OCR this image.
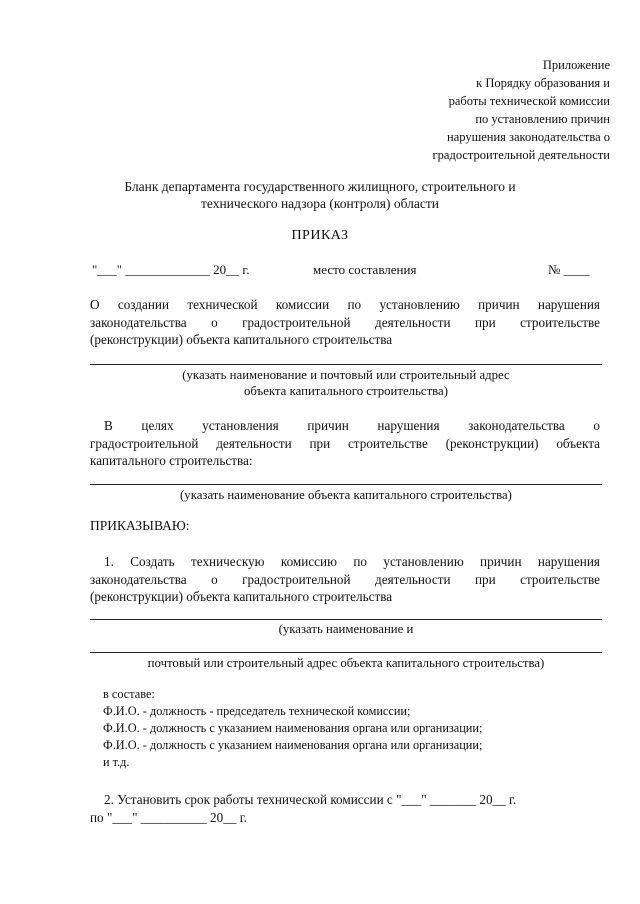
Приложение
к Порядку образования и
работы технической комиссии
по установлению причин
нарушения законодательства о
градостроительной деятельности
Бланк департамента государственного жилищного, строительного и
технического надзора (контроля) области
ПРИКАЗ
"___" _____________ 20__ г.	место составления	№ ____
О создании технической комиссии по установлению причин нарушения
законодательства о градостроительной деятельности при строительстве
(реконструкции) объекта капитального строительства
(указать наименование и почтовый или строительный адрес
объекта капитального строительства)
В целях установления причин нарушения законодательства о
градостроительной деятельности при строительстве (реконструкции) объекта
капитального строительства:
(указать наименование объекта капитального строительства)
ПРИКАЗЫВАЮ:
1. Создать техническую комиссию по установлению причин нарушения
законодательства о градостроительной деятельности при строительстве
(реконструкции) объекта капитального строительства
(указать наименование и
почтовый или строительный адрес объекта капитального строительства)
в составе:
Ф.И.О. - должность - председатель технической комиссии;
Ф.И.О. - должность с указанием наименования органа или организации;
Ф.И.О. - должность с указанием наименования органа или организации;
и т.д.
2. Установить срок работы технической комиссии с "___" _______ 20__ г.
по "___" __________ 20__ г.
